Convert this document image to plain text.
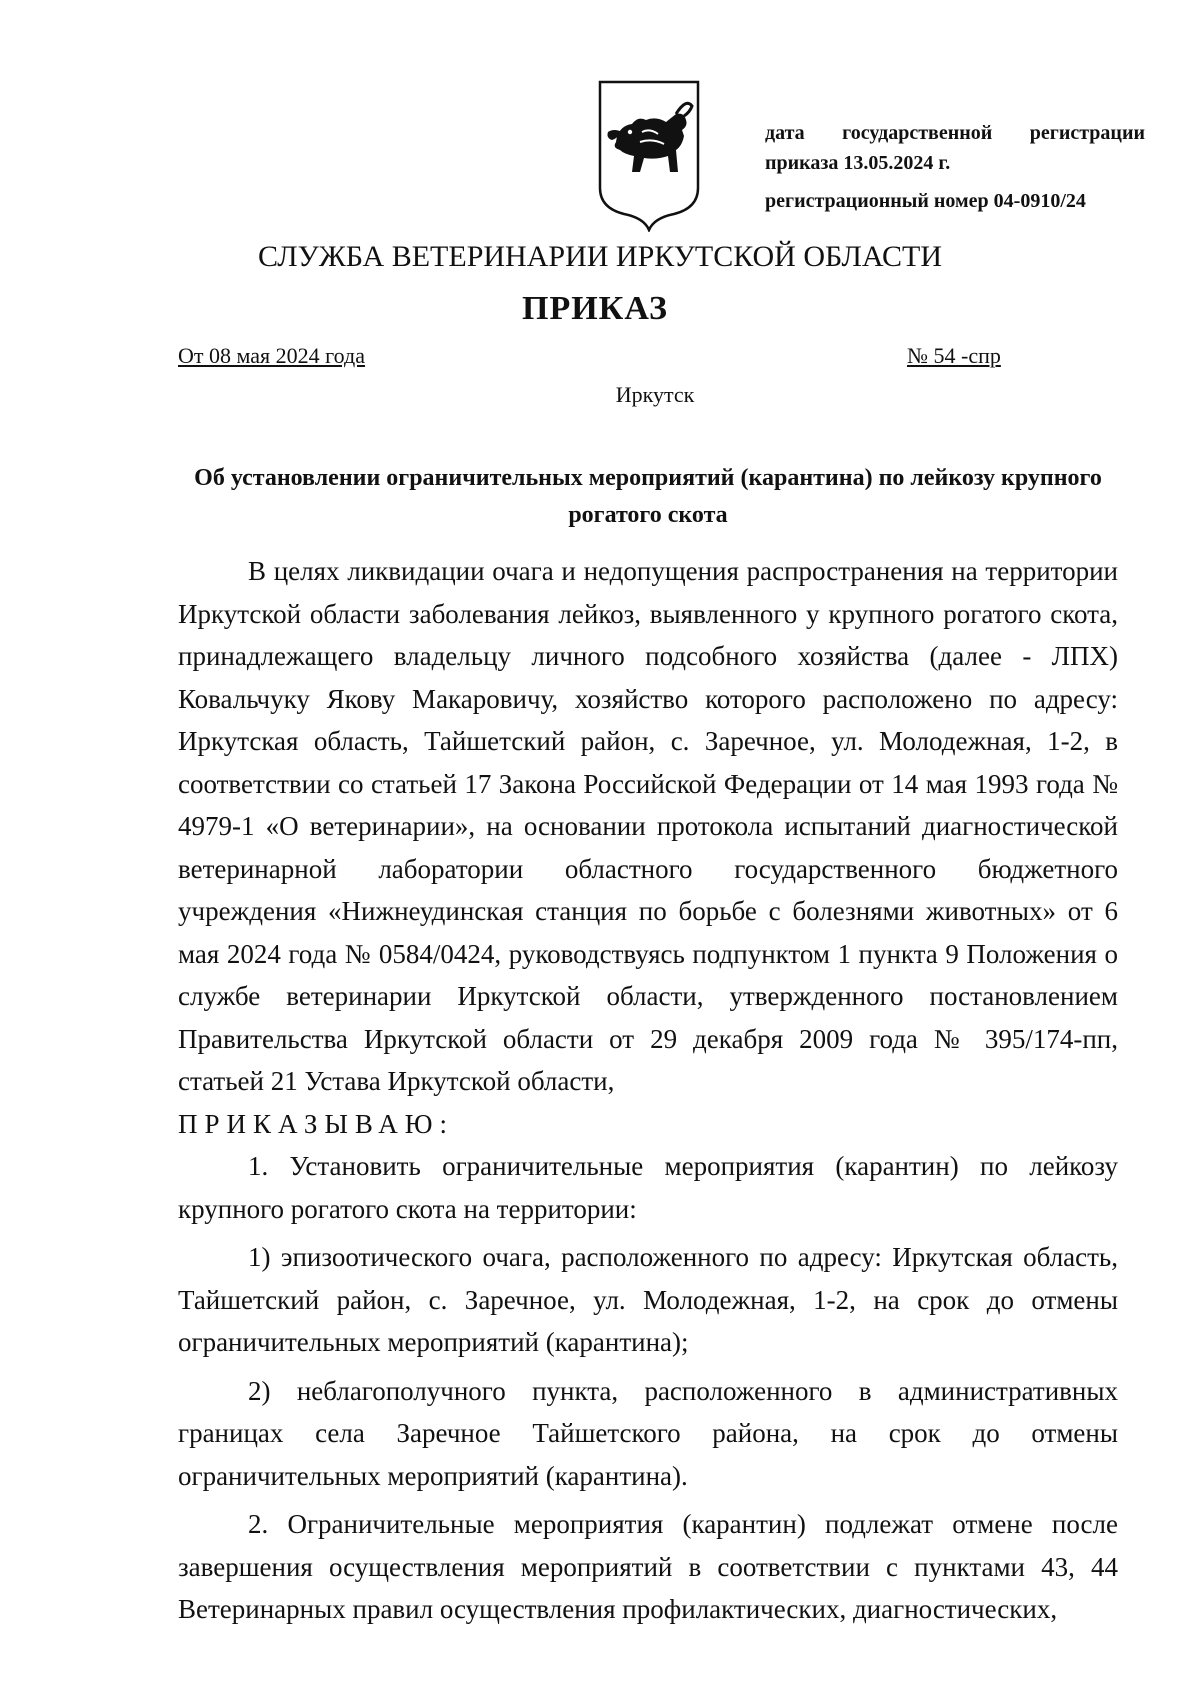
дата государственной регистрации
приказа 13.05.2024 г.
регистрационный номер 04-0910/24
СЛУЖБА ВЕТЕРИНАРИИ ИРКУТСКОЙ ОБЛАСТИ
ПРИКАЗ
От 08 мая 2024 года	№ 54 -спр
Иркутск
Об установлении ограничительных мероприятий (карантина) по лейкозу крупного рогатого скота

В целях ликвидации очага и недопущения распространения на территории Иркутской области заболевания лейкоз, выявленного у крупного рогатого скота, принадлежащего владельцу личного подсобного хозяйства (далее - ЛПХ) Ковальчуку Якову Макаровичу, хозяйство которого расположено по адресу: Иркутская область, Тайшетский район, с. Заречное, ул. Молодежная, 1-2, в соответствии со статьей 17 Закона Российской Федерации от 14 мая 1993 года № 4979-1 «О ветеринарии», на основании протокола испытаний диагностической ветеринарной лаборатории областного государственного бюджетного учреждения «Нижнеудинская станция по борьбе с болезнями животных» от 6 мая 2024 года № 0584/0424, руководствуясь подпунктом 1 пункта 9 Положения о службе ветеринарии Иркутской области, утвержденного постановлением Правительства Иркутской области от 29 декабря 2009 года № 395/174-пп, статьей 21 Устава Иркутской области,

ПРИКАЗЫВАЮ:

1. Установить ограничительные мероприятия (карантин) по лейкозу крупного рогатого скота на территории:

1) эпизоотического очага, расположенного по адресу: Иркутская область, Тайшетский район, с. Заречное, ул. Молодежная, 1-2, на срок до отмены ограничительных мероприятий (карантина);

2) неблагополучного пункта, расположенного в административных границах села Заречное Тайшетского района, на срок до отмены ограничительных мероприятий (карантина).

2. Ограничительные мероприятия (карантин) подлежат отмене после завершения осуществления мероприятий в соответствии с пунктами 43, 44 Ветеринарных правил осуществления профилактических, диагностических,
